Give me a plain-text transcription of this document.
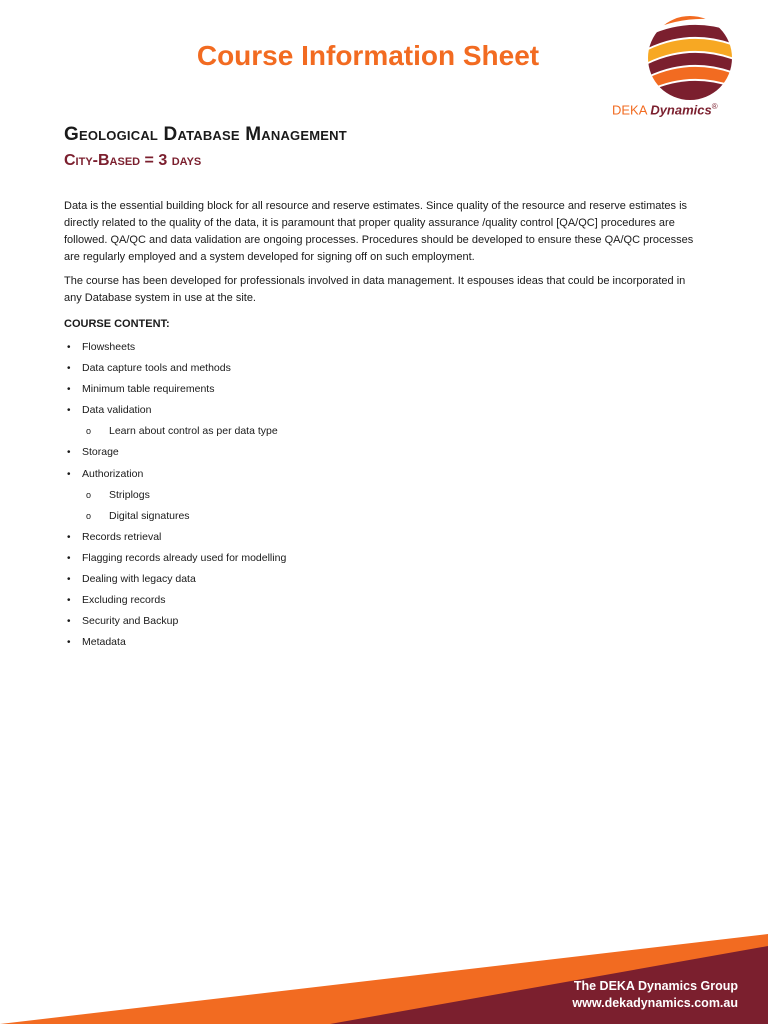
Course Information Sheet
DEKA Dynamics®
Geological Database Management
City-Based = 3 days
Data is the essential building block for all resource and reserve estimates. Since quality of the resource and reserve estimates is directly related to the quality of the data, it is paramount that proper quality assurance /quality control [QA/QC] procedures are followed. QA/QC and data validation are ongoing processes. Procedures should be developed to ensure these QA/QC processes are regularly employed and a system developed for signing off on such employment.
The course has been developed for professionals involved in data management. It espouses ideas that could be incorporated in any Database system in use at the site.
COURSE CONTENT:
• Flowsheets
• Data capture tools and methods
• Minimum table requirements
• Data validation
o Learn about control as per data type
• Storage
• Authorization
o Striplogs
o Digital signatures
• Records retrieval
• Flagging records already used for modelling
• Dealing with legacy data
• Excluding records
• Security and Backup
• Metadata
The DEKA Dynamics Group
www.dekadynamics.com.au
